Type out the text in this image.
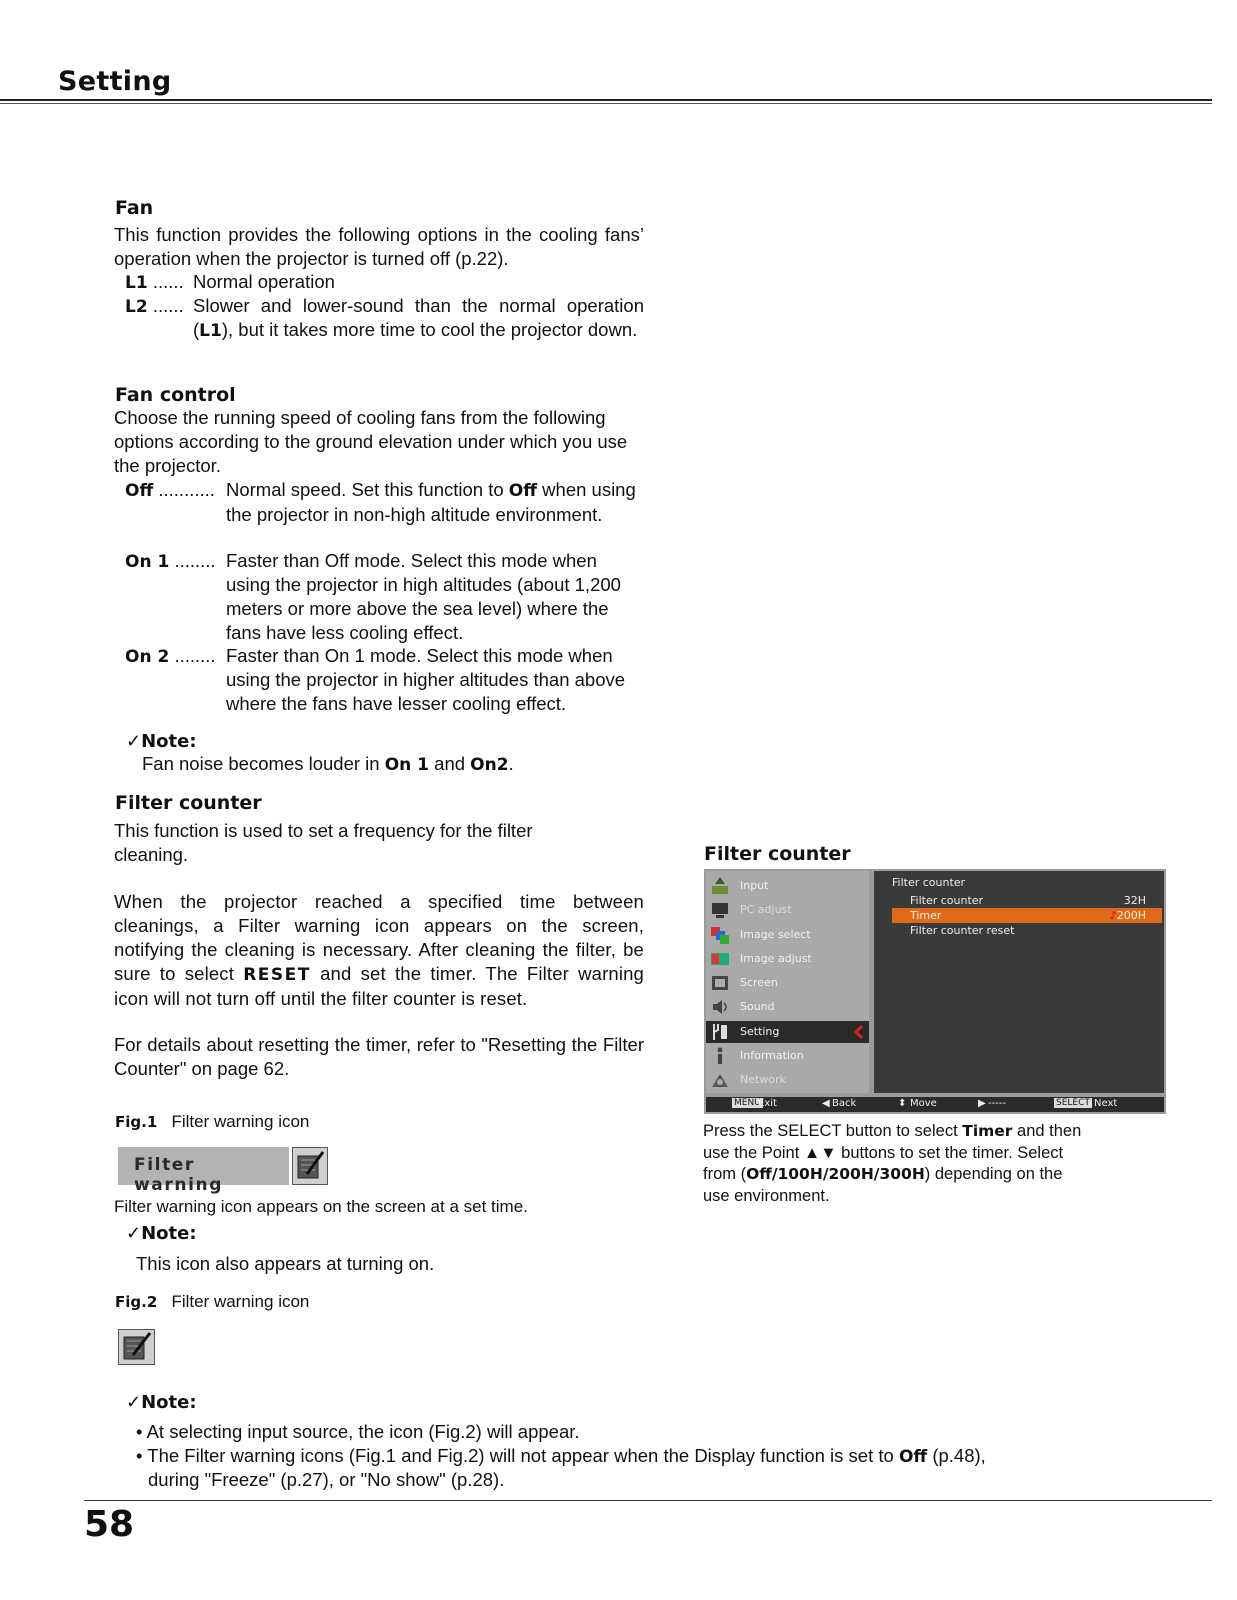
Setting
Fan
This function provides the following options in the cooling fans’ operation when the projector is turned off (p.22).
L1 ...... Normal operation
L2 ...... Slower and lower-sound than the normal operation (L1), but it takes more time to cool the projector down.
Fan control
Choose the running speed of cooling fans from the following options according to the ground elevation under which you use the projector.
Off ........... Normal speed. Set this function to Off when using the projector in non-high altitude environment.
On 1 ........ Faster than Off mode. Select this mode when using the projector in high altitudes (about 1,200 meters or more above the sea level) where the fans have less cooling effect.
On 2 ........ Faster than On 1 mode. Select this mode when using the projector in higher altitudes than above where the fans have lesser cooling effect.
✓Note:
Fan noise becomes louder in On 1 and On2.
Filter counter
This function is used to set a frequency for the filter cleaning.
When the projector reached a specified time between cleanings, a Filter warning icon appears on the screen, notifying the cleaning is necessary. After cleaning the filter, be sure to select RESET and set the timer. The Filter warning icon will not turn off until the filter counter is reset.
For details about resetting the timer, refer to "Resetting the Filter Counter" on page 62.
Fig.1 Filter warning icon
Filter warning
Filter warning icon appears on the screen at a set time.
✓Note:
This icon also appears at turning on.
Fig.2 Filter warning icon
✓Note:
• At selecting input source, the icon (Fig.2) will appear.
• The Filter warning icons (Fig.1 and Fig.2) will not appear when the Display function is set to Off (p.48),
during "Freeze" (p.27), or "No show" (p.28).
58
Filter counter
Input
PC adjust
Image select
Image adjust
Screen
Sound
Setting
Information
Network
Filter counter
Filter counter	32H
Timer	♪200H
Filter counter reset
MENU
Exit	◀ Back	⬍ Move	▶ -----	SELECT Next
Press the SELECT button to select Timer and then use the Point ▲▼ buttons to set the timer. Select from (Off/100H/200H/300H) depending on the use environment.
